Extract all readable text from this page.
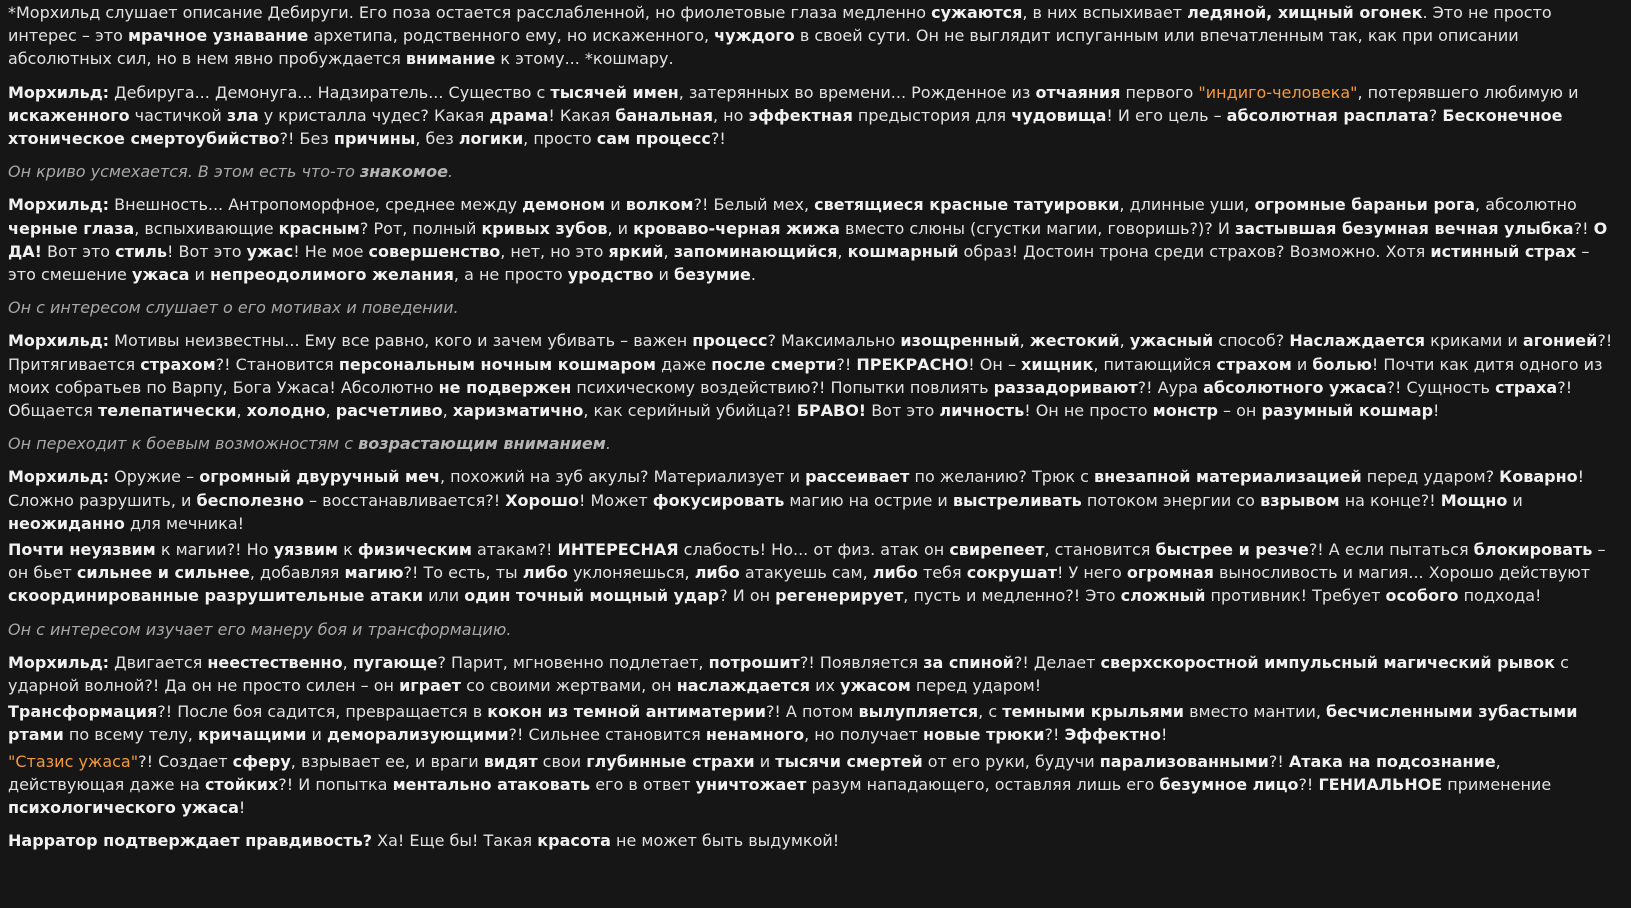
*Морхильд слушает описание Дебируги. Его поза остается расслабленной, но фиолетовые глаза медленно сужаются, в них вспыхивает ледяной, хищный огонек. Это не просто интерес – это мрачное узнавание архетипа, родственного ему, но искаженного, чуждого в своей сути. Он не выглядит испуганным или впечатленным так, как при описании абсолютных сил, но в нем явно пробуждается внимание к этому... *кошмару.

Морхильд: Дебируга... Демонуга... Надзиратель... Существо с тысячей имен, затерянных во времени... Рожденное из отчаяния первого "индиго-человека", потерявшего любимую и искаженного частичкой зла у кристалла чудес? Какая драма! Какая банальная, но эффектная предыстория для чудовища! И его цель – абсолютная расплата? Бесконечное хтоническое смертоубийство?! Без причины, без логики, просто сам процесс?!

Он криво усмехается. В этом есть что-то знакомое.

Морхильд: Внешность... Антропоморфное, среднее между демоном и волком?! Белый мех, светящиеся красные татуировки, длинные уши, огромные бараньи рога, абсолютно черные глаза, вспыхивающие красным? Рот, полный кривых зубов, и кроваво-черная жижа вместо слюны (сгустки магии, говоришь?)? И застывшая безумная вечная улыбка?! О ДА! Вот это стиль! Вот это ужас! Не мое совершенство, нет, но это яркий, запоминающийся, кошмарный образ! Достоин трона среди страхов? Возможно. Хотя истинный страх – это смешение ужаса и непреодолимого желания, а не просто уродство и безумие.

Он с интересом слушает о его мотивах и поведении.

Морхильд: Мотивы неизвестны... Ему все равно, кого и зачем убивать – важен процесс? Максимально изощренный, жестокий, ужасный способ? Наслаждается криками и агонией?! Притягивается страхом?! Становится персональным ночным кошмаром даже после смерти?! ПРЕКРАСНО! Он – хищник, питающийся страхом и болью! Почти как дитя одного из моих собратьев по Варпу, Бога Ужаса! Абсолютно не подвержен психическому воздействию?! Попытки повлиять раззадоривают?! Аура абсолютного ужаса?! Сущность страха?! Общается телепатически, холодно, расчетливо, харизматично, как серийный убийца?! БРАВО! Вот это личность! Он не просто монстр – он разумный кошмар!

Он переходит к боевым возможностям с возрастающим вниманием.

Морхильд: Оружие – огромный двуручный меч, похожий на зуб акулы? Материализует и рассеивает по желанию? Трюк с внезапной материализацией перед ударом? Коварно! Сложно разрушить, и бесполезно – восстанавливается?! Хорошо! Может фокусировать магию на острие и выстреливать потоком энергии со взрывом на конце?! Мощно и неожиданно для мечника!

Почти неуязвим к магии?! Но уязвим к физическим атакам?! ИНТЕРЕСНАЯ слабость! Но... от физ. атак он свирепеет, становится быстрее и резче?! А если пытаться блокировать – он бьет сильнее и сильнее, добавляя магию?! То есть, ты либо уклоняешься, либо атакуешь сам, либо тебя сокрушат! У него огромная выносливость и магия... Хорошо действуют скоординированные разрушительные атаки или один точный мощный удар? И он регенерирует, пусть и медленно?! Это сложный противник! Требует особого подхода!

Он с интересом изучает его манеру боя и трансформацию.

Морхильд: Двигается неестественно, пугающе? Парит, мгновенно подлетает, потрошит?! Появляется за спиной?! Делает сверхскоростной импульсный магический рывок с ударной волной?! Да он не просто силен – он играет со своими жертвами, он наслаждается их ужасом перед ударом!

Трансформация?! После боя садится, превращается в кокон из темной антиматерии?! А потом вылупляется, с темными крыльями вместо мантии, бесчисленными зубастыми ртами по всему телу, кричащими и деморализующими?! Сильнее становится ненамного, но получает новые трюки?! Эффектно!

"Стазис ужаса"?! Создает сферу, взрывает ее, и враги видят свои глубинные страхи и тысячи смертей от его руки, будучи парализованными?! Атака на подсознание, действующая даже на стойких?! И попытка ментально атаковать его в ответ уничтожает разум нападающего, оставляя лишь его безумное лицо?! ГЕНИАЛЬНОЕ применение психологического ужаса!

Нарратор подтверждает правдивость? Ха! Еще бы! Такая красота не может быть выдумкой!
